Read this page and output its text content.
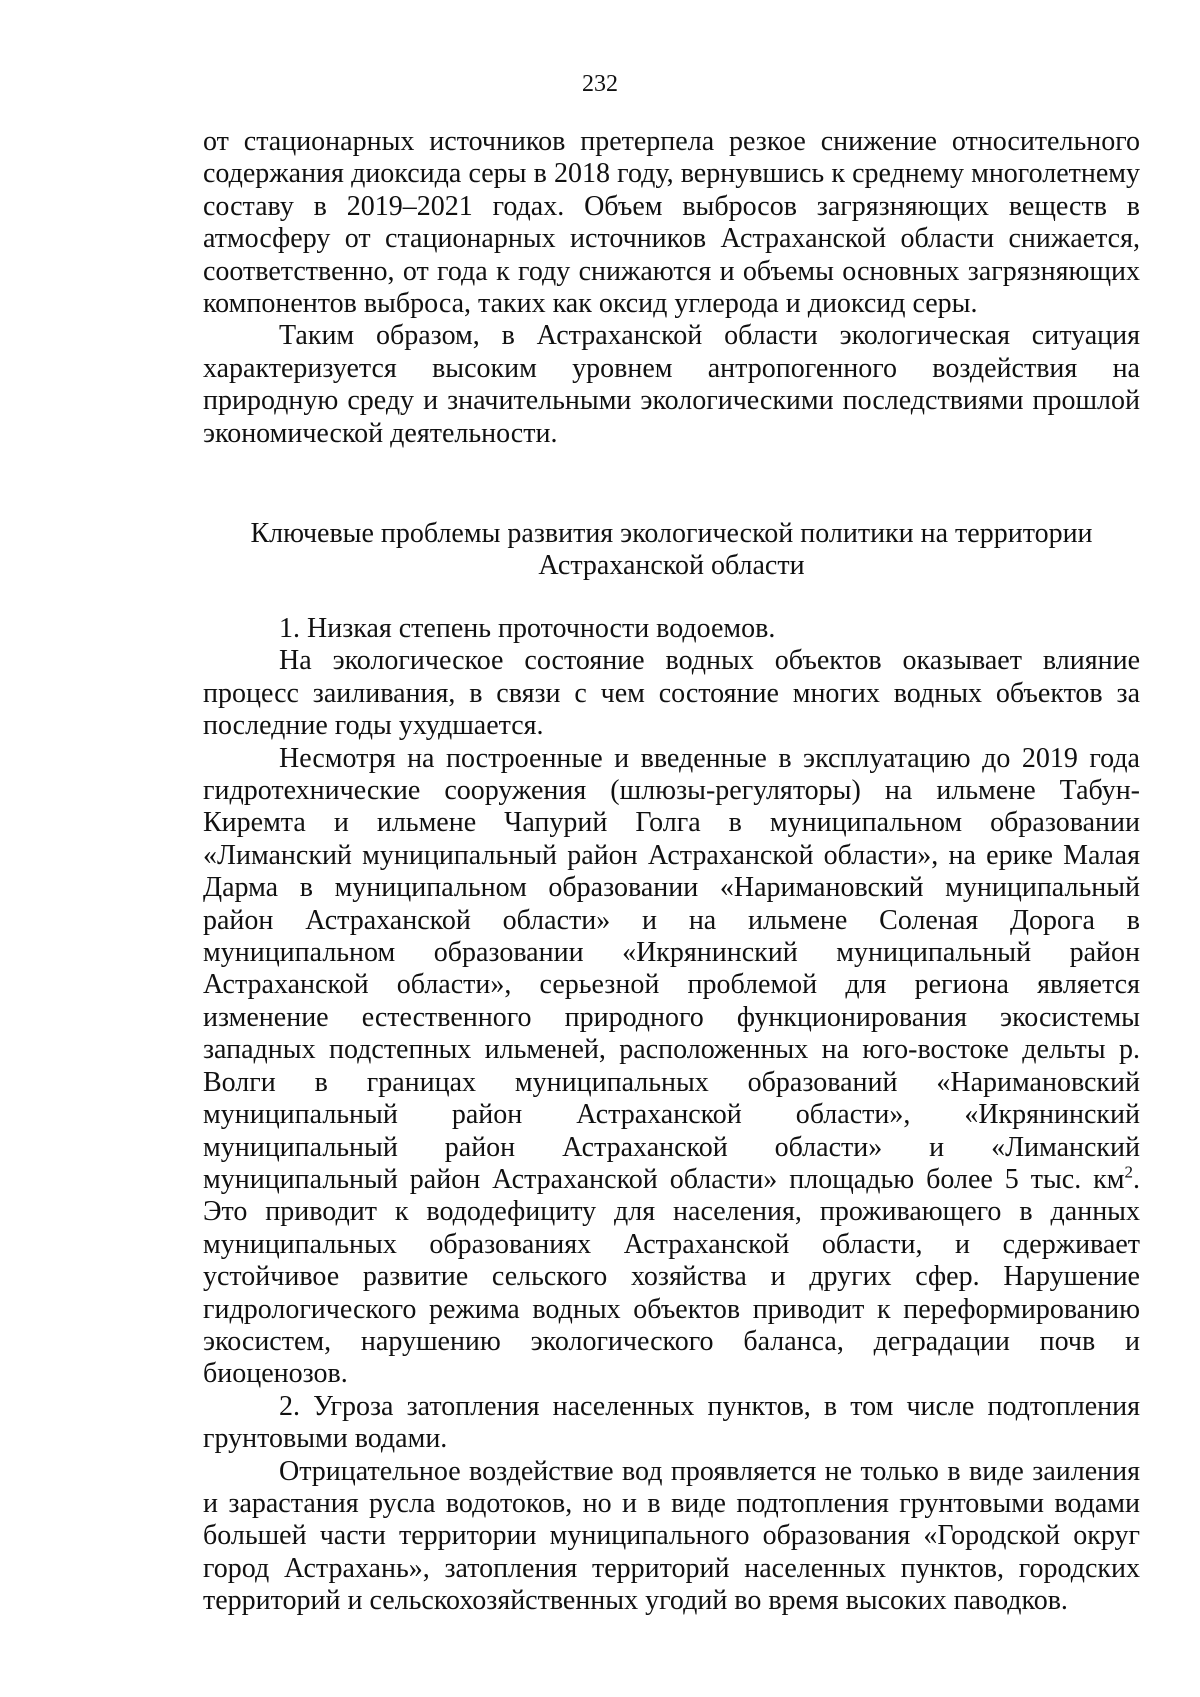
232

от стационарных источников претерпела резкое снижение относительного содержания диоксида серы в 2018 году, вернувшись к среднему многолетнему составу в 2019–2021 годах. Объем выбросов загрязняющих веществ в атмосферу от стационарных источников Астраханской области снижается, соответственно, от года к году снижаются и объемы основных загрязняющих компонентов выброса, таких как оксид углерода и диоксид серы.

Таким образом, в Астраханской области экологическая ситуация характеризуется высоким уровнем антропогенного воздействия на природную среду и значительными экологическими последствиями прошлой экономической деятельности.

Ключевые проблемы развития экологической политики на территории Астраханской области

1. Низкая степень проточности водоемов.

На экологическое состояние водных объектов оказывает влияние процесс заиливания, в связи с чем состояние многих водных объектов за последние годы ухудшается.

Несмотря на построенные и введенные в эксплуатацию до 2019 года гидротехнические сооружения (шлюзы-регуляторы) на ильмене Табун-Киремта и ильмене Чапурий Голга в муниципальном образовании «Лиманский муниципальный район Астраханской области», на ерике Малая Дарма в муниципальном образовании «Наримановский муниципальный район Астраханской области» и на ильмене Соленая Дорога в муниципальном образовании «Икрянинский муниципальный район Астраханской области», серьезной проблемой для региона является изменение естественного природного функционирования экосистемы западных подстепных ильменей, расположенных на юго-востоке дельты р. Волги в границах муниципальных образований «Наримановский муниципальный район Астраханской области», «Икрянинский муниципальный район Астраханской области» и «Лиманский муниципальный район Астраханской области» площадью более 5 тыс. $км^2$. Это приводит к вододефициту для населения, проживающего в данных муниципальных образованиях Астраханской области, и сдерживает устойчивое развитие сельского хозяйства и других сфер. Нарушение гидрологического режима водных объектов приводит к переформированию экосистем, нарушению экологического баланса, деградации почв и биоценозов.

2. Угроза затопления населенных пунктов, в том числе подтопления грунтовыми водами.

Отрицательное воздействие вод проявляется не только в виде заиления и зарастания русла водотоков, но и в виде подтопления грунтовыми водами большей части территории муниципального образования «Городской округ город Астрахань», затопления территорий населенных пунктов, городских территорий и сельскохозяйственных угодий во время высоких паводков.
